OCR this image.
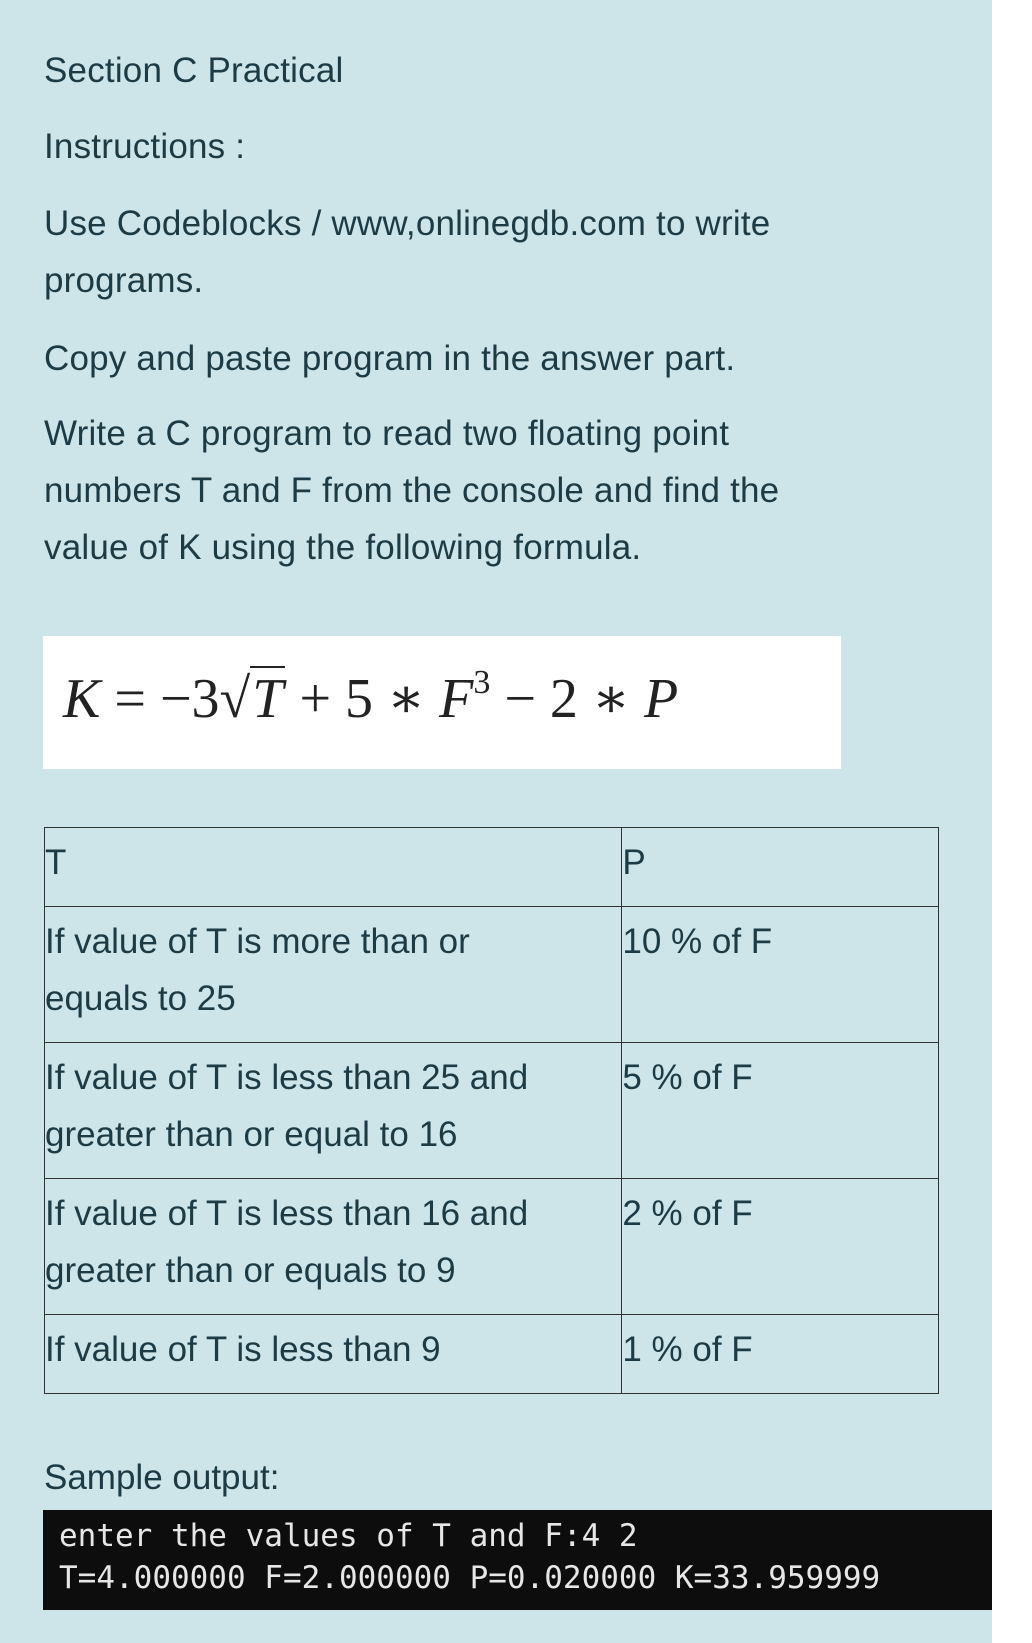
Section C Practical
Instructions :
Use Codeblocks / www,onlinegdb.com to write
programs.
Copy and paste program in the answer part.
Write a C program to read two floating point
numbers T and F from the console and find the
value of K using the following formula.
K = −3√T + 5 ∗ $F^3 - 2$ ∗ P
T	P

If value of T is more than or
equals to 25	10 % of F

If value of T is less than 25 and
greater than or equal to 16	5 % of F

If value of T is less than 16 and
greater than or equals to 9	2 % of F

If value of T is less than 9	1 % of F
Sample output:
enter the values of T and F:4 2
T=4.000000 F=2.000000 P=0.020000 K=33.959999
